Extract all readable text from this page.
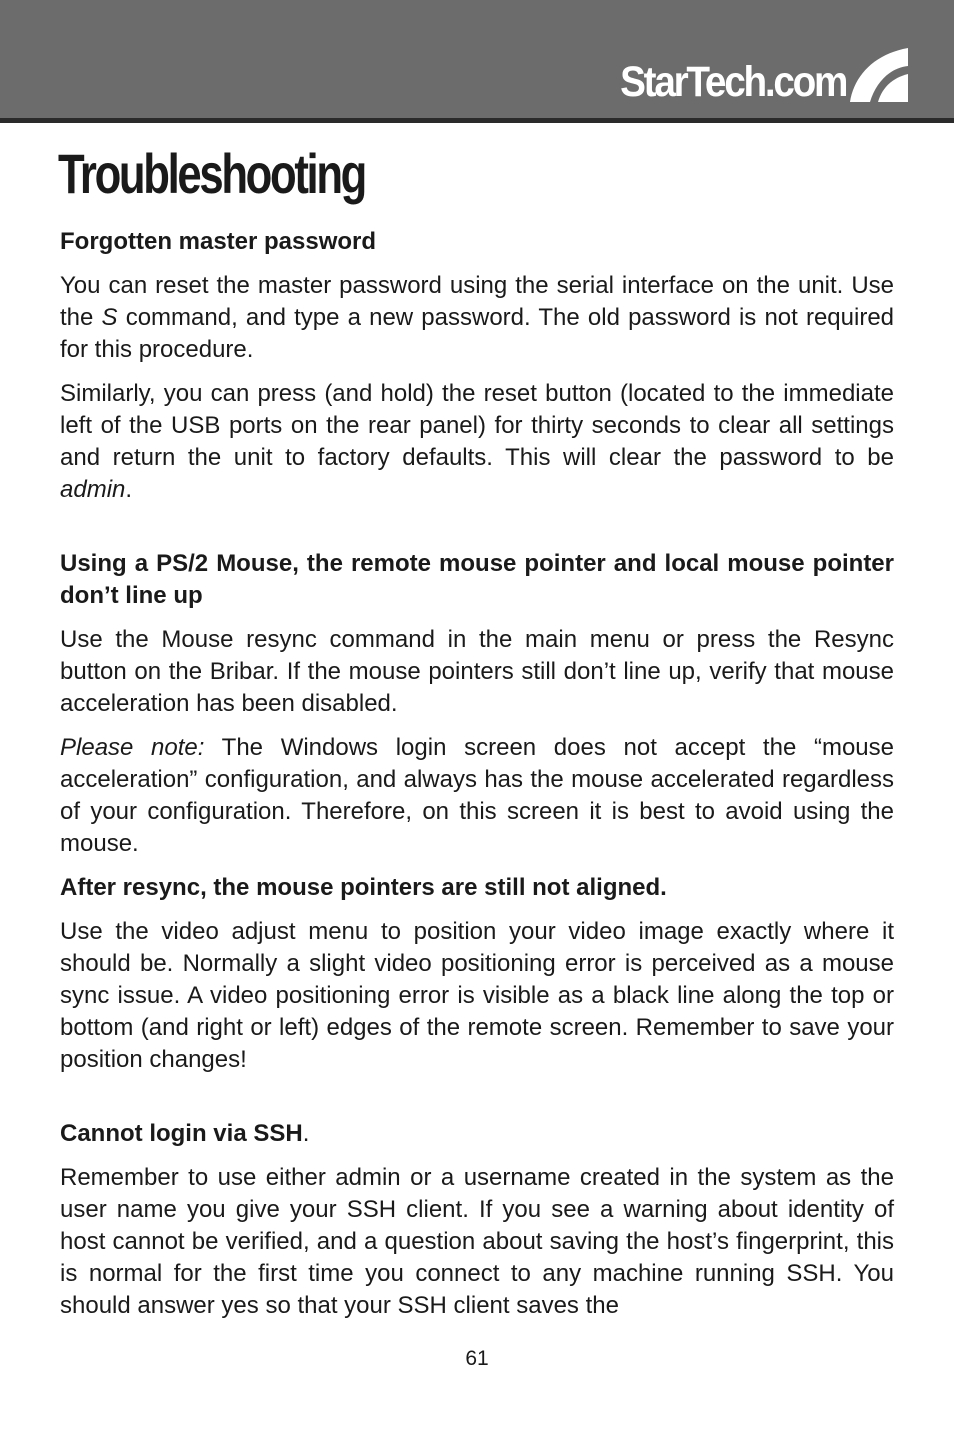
StarTech.com
Troubleshooting

Forgotten master password

You can reset the master password using the serial interface on the unit. Use the S command, and type a new password. The old password is not required for this procedure.

Similarly, you can press (and hold) the reset button (located to the immediate left of the USB ports on the rear panel) for thirty seconds to clear all settings and return the unit to factory defaults. This will clear the password to be admin.

Using a PS/2 Mouse, the remote mouse pointer and local mouse pointer don’t line up

Use the Mouse resync command in the main menu or press the Resync button on the Bribar. If the mouse pointers still don’t line up, verify that mouse acceleration has been disabled.

Please note: The Windows login screen does not accept the “mouse acceleration” configuration, and always has the mouse accelerated regardless of your configuration. Therefore, on this screen it is best to avoid using the mouse.

After resync, the mouse pointers are still not aligned.

Use the video adjust menu to position your video image exactly where it should be. Normally a slight video positioning error is perceived as a mouse sync issue. A video positioning error is visible as a black line along the top or bottom (and right or left) edges of the remote screen. Remember to save your position changes!

Cannot login via SSH.

Remember to use either admin or a username created in the system as the user name you give your SSH client. If you see a warning about identity of host cannot be verified, and a question about saving the host’s fingerprint, this is normal for the first time you connect to any machine running SSH. You should answer yes so that your SSH client saves the

61
